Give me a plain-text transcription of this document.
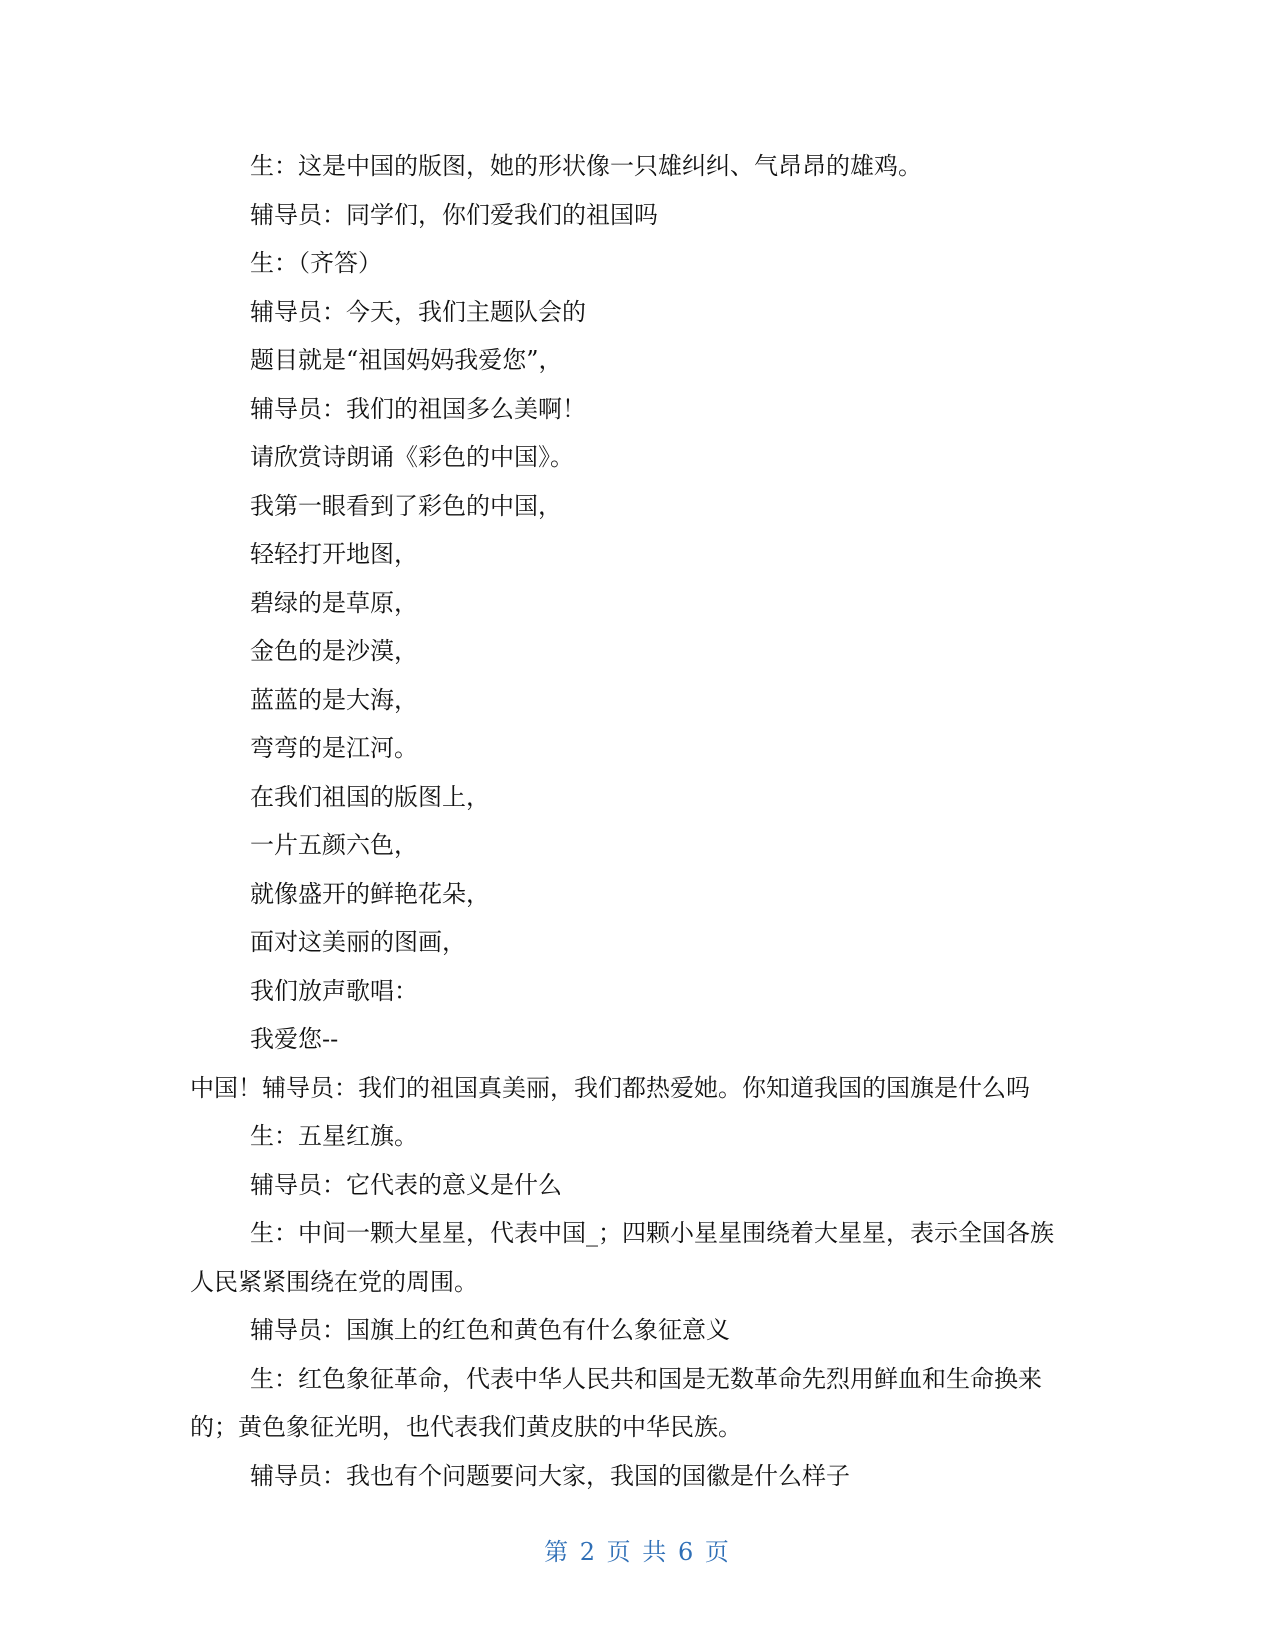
生：这是中国的版图，她的形状像一只雄纠纠、气昂昂的雄鸡。
辅导员：同学们，你们爱我们的祖国吗
生：（齐答）
辅导员：今天，我们主题队会的
题目就是“祖国妈妈我爱您”，
辅导员：我们的祖国多么美啊！
请欣赏诗朗诵《彩色的中国》。
我第一眼看到了彩色的中国，
轻轻打开地图，
碧绿的是草原，
金色的是沙漠，
蓝蓝的是大海，
弯弯的是江河。
在我们祖国的版图上，
一片五颜六色，
就像盛开的鲜艳花朵，
面对这美丽的图画，
我们放声歌唱：
我爱您--
中国！辅导员：我们的祖国真美丽，我们都热爱她。你知道我国的国旗是什么吗
生：五星红旗。
辅导员：它代表的意义是什么
生：中间一颗大星星，代表中国_；四颗小星星围绕着大星星，表示全国各族
人民紧紧围绕在党的周围。
辅导员：国旗上的红色和黄色有什么象征意义
生：红色象征革命，代表中华人民共和国是无数革命先烈用鲜血和生命换来
的；黄色象征光明，也代表我们黄皮肤的中华民族。
辅导员：我也有个问题要问大家，我国的国徽是什么样子
第 2 页 共 6 页
